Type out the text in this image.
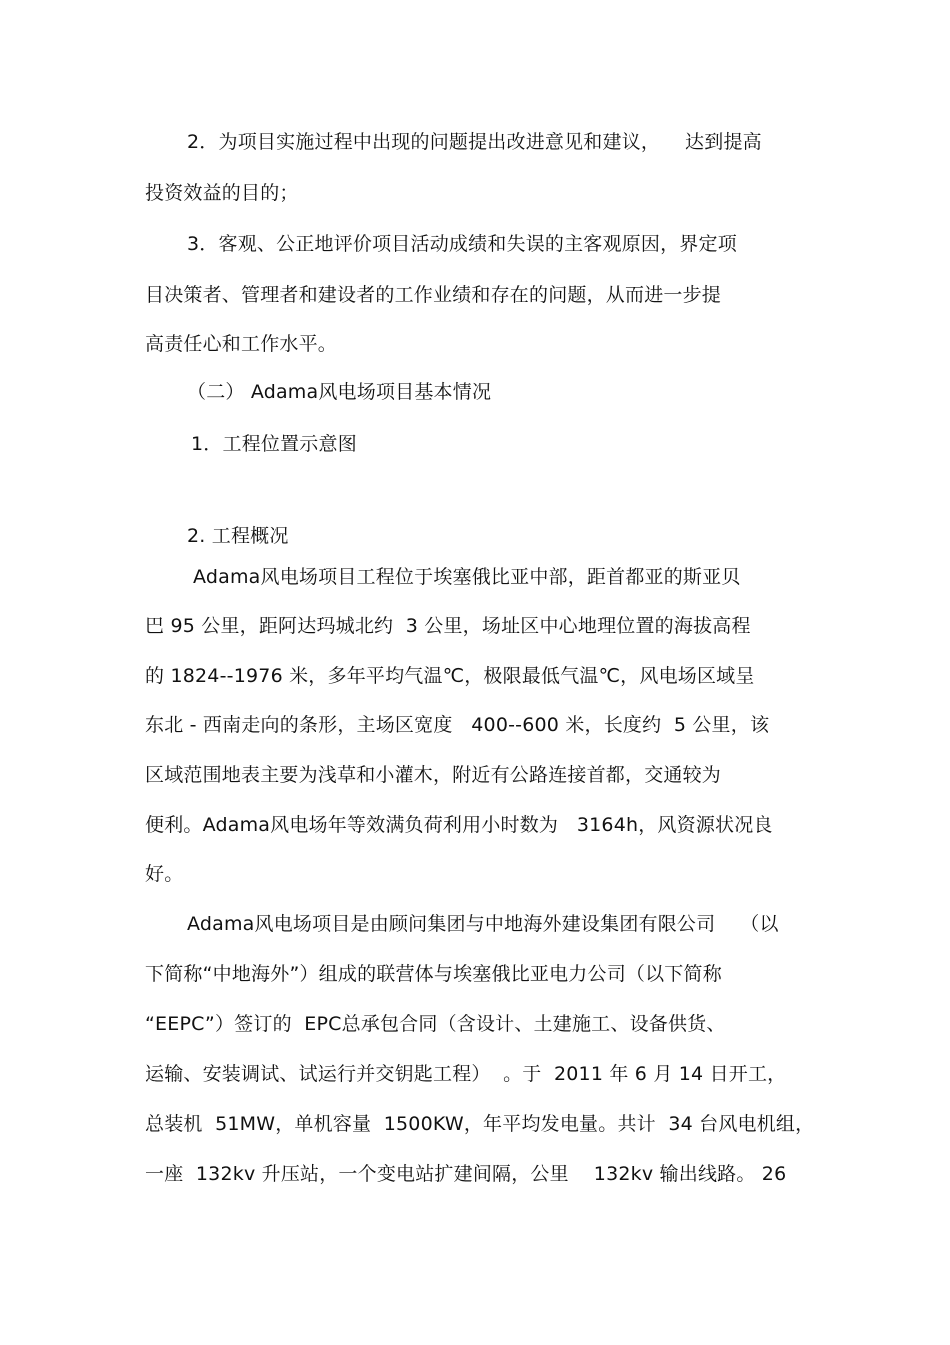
2．为项目实施过程中出现的问题提出改进意见和建议，    达到提高
投资效益的目的；
3．客观、公正地评价项目活动成绩和失误的主客观原因，界定项
目决策者、管理者和建设者的工作业绩和存在的问题，从而进一步提
高责任心和工作水平。
（二） Adama风电场项目基本情况
1．工程位置示意图
2. 工程概况
Adama风电场项目工程位于埃塞俄比亚中部，距首都亚的斯亚贝
巴 95 公里，距阿达玛城北约  3 公里，场址区中心地理位置的海拔高程
的 1824--1976 米，多年平均气温℃，极限最低气温℃，风电场区域呈
东北 - 西南走向的条形，主场区宽度   400--600 米，长度约  5 公里，该
区域范围地表主要为浅草和小灌木，附近有公路连接首都，交通较为
便利。Adama风电场年等效满负荷利用小时数为   3164h，风资源状况良
好。
Adama风电场项目是由顾问集团与中地海外建设集团有限公司    （以
下简称“中地海外”）组成的联营体与埃塞俄比亚电力公司（以下简称
“EEPC”）签订的  EPC总承包合同（含设计、土建施工、设备供货、
运输、安装调试、试运行并交钥匙工程）  。于  2011 年 6 月 14 日开工，
总装机  51MW，单机容量  1500KW，年平均发电量。共计  34 台风电机组，
一座  132kv 升压站，一个变电站扩建间隔，公里    132kv 输出线路。 26
